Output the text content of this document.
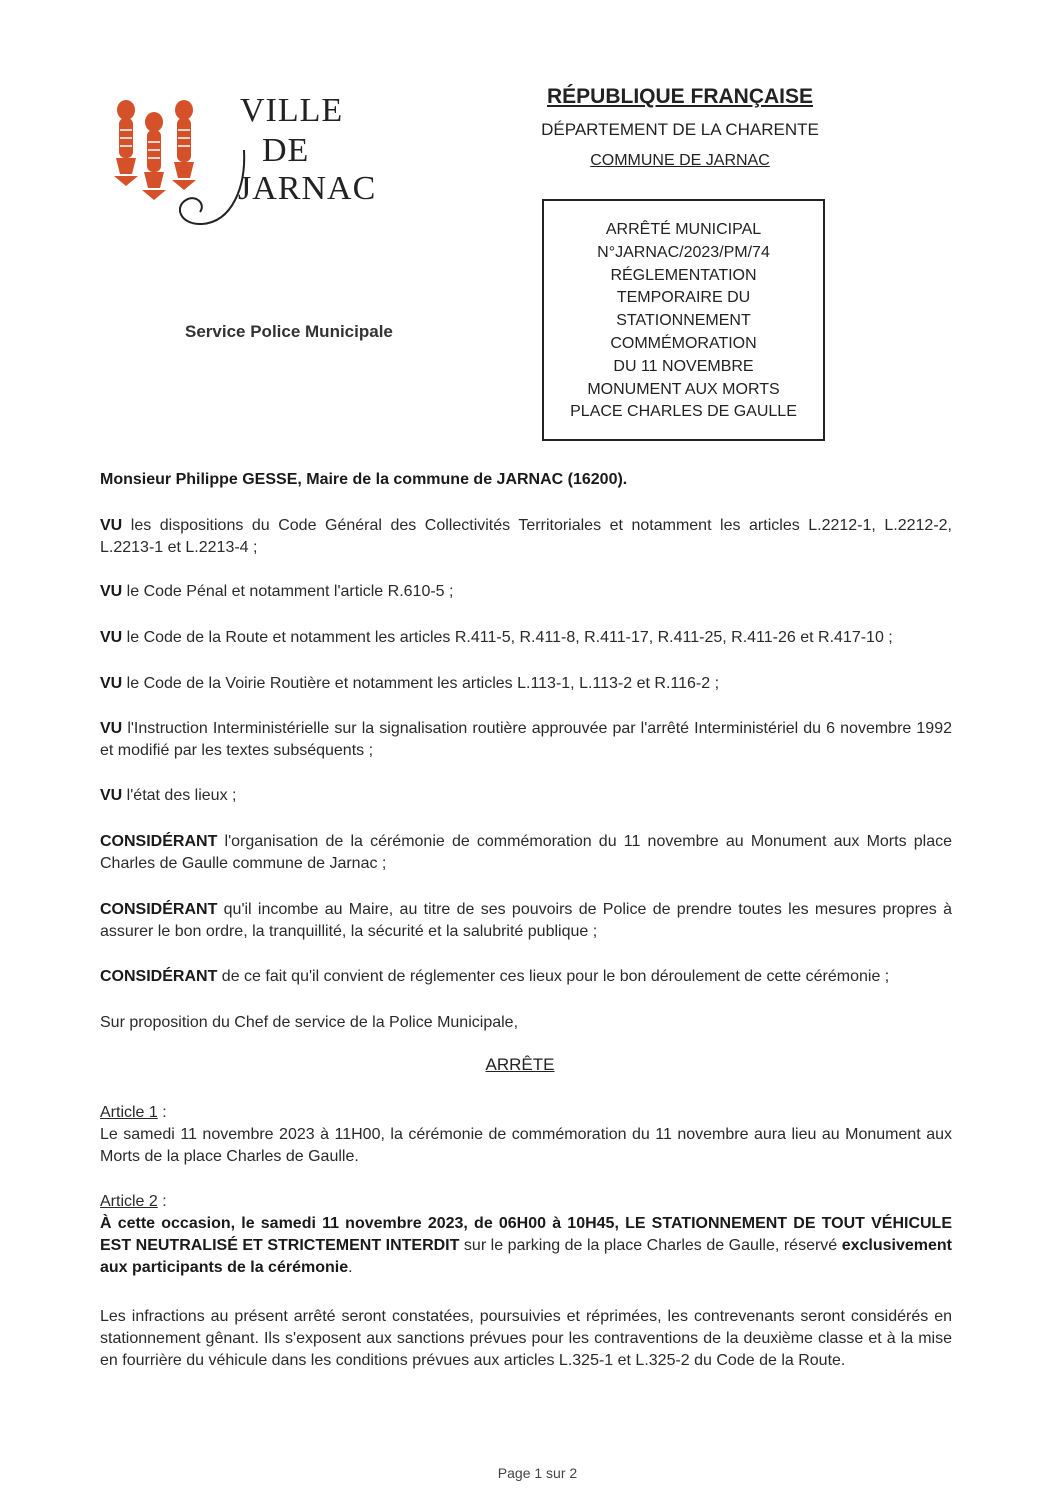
VILLE
DE
JARNAC
Service Police Municipale
RÉPUBLIQUE FRANÇAISE
DÉPARTEMENT DE LA CHARENTE
COMMUNE DE JARNAC
ARRÊTÉ MUNICIPAL
N°JARNAC/2023/PM/74
RÉGLEMENTATION
TEMPORAIRE DU
STATIONNEMENT
COMMÉMORATION
DU 11 NOVEMBRE
MONUMENT AUX MORTS
PLACE CHARLES DE GAULLE
Monsieur Philippe GESSE, Maire de la commune de JARNAC (16200).
VU les dispositions du Code Général des Collectivités Territoriales et notamment les articles L.2212-1, L.2212-2, L.2213-1 et L.2213-4 ;
VU le Code Pénal et notamment l'article R.610-5 ;
VU le Code de la Route et notamment les articles R.411-5, R.411-8, R.411-17, R.411-25, R.411-26 et R.417-10 ;
VU le Code de la Voirie Routière et notamment les articles L.113-1, L.113-2 et R.116-2 ;
VU l'Instruction Interministérielle sur la signalisation routière approuvée par l'arrêté Interministériel du 6 novembre 1992 et modifié par les textes subséquents ;
VU l'état des lieux ;
CONSIDÉRANT l'organisation de la cérémonie de commémoration du 11 novembre au Monument aux Morts place Charles de Gaulle commune de Jarnac ;
CONSIDÉRANT qu'il incombe au Maire, au titre de ses pouvoirs de Police de prendre toutes les mesures propres à assurer le bon ordre, la tranquillité, la sécurité et la salubrité publique ;
CONSIDÉRANT de ce fait qu'il convient de réglementer ces lieux pour le bon déroulement de cette cérémonie ;
Sur proposition du Chef de service de la Police Municipale,
ARRÊTE
Article 1 :
Le samedi 11 novembre 2023 à 11H00, la cérémonie de commémoration du 11 novembre aura lieu au Monument aux Morts de la place Charles de Gaulle.
Article 2 :
À cette occasion, le samedi 11 novembre 2023, de 06H00 à 10H45, LE STATIONNEMENT DE TOUT VÉHICULE EST NEUTRALISÉ ET STRICTEMENT INTERDIT sur le parking de la place Charles de Gaulle, réservé exclusivement aux participants de la cérémonie.
Les infractions au présent arrêté seront constatées, poursuivies et réprimées, les contrevenants seront considérés en stationnement gênant. Ils s'exposent aux sanctions prévues pour les contraventions de la deuxième classe et à la mise en fourrière du véhicule dans les conditions prévues aux articles L.325-1 et L.325-2 du Code de la Route.
Page 1 sur 2
